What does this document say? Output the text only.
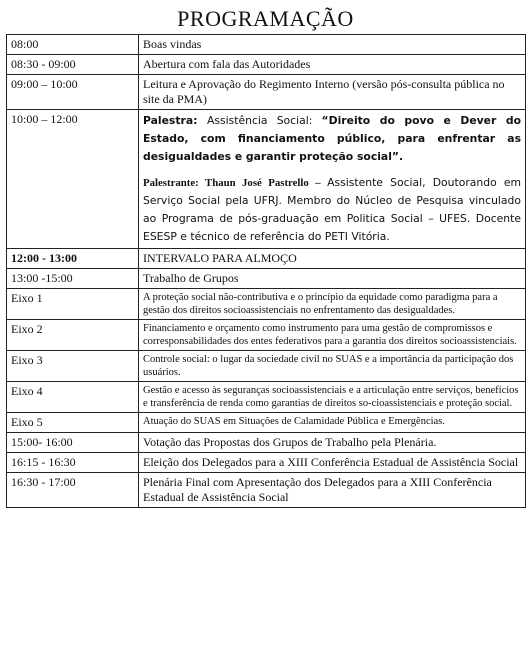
PROGRAMAÇÃO
08:00	Boas vindas
08:30 - 09:00	Abertura com fala das Autoridades
09:00 – 10:00	Leitura e Aprovação do Regimento Interno (versão pós-consulta pública no site da PMA)
10:00 – 12:00	Palestra: Assistência Social: “Direito do povo e Dever do Estado, com financiamento público, para enfrentar as desigualdades e garantir proteção social”.

Palestrante: Thaun José Pastrello – Assistente Social, Doutorando em Serviço Social pela UFRJ. Membro do Núcleo de Pesquisa vinculado ao Programa de pós-graduação em Politica Social – UFES. Docente ESESP e técnico de referência do PETI Vitória.

12:00 - 13:00	INTERVALO PARA ALMOÇO
13:00 -15:00	Trabalho de Grupos
Eixo 1	A proteção social não-contributiva e o princípio da equidade como paradigma para a gestão dos direitos socioassistenciais no enfrentamento das desigualdades.
Eixo 2	Financiamento e orçamento como instrumento para uma gestão de compromissos e corresponsabilidades dos entes federativos para a garantia dos direitos socioassistenciais.
Eixo 3	Controle social: o lugar da sociedade civil no SUAS e a importância da participação dos usuários.
Eixo 4	Gestão e acesso às seguranças socioassistenciais e a articulação entre serviços, benefícios e transferência de renda como garantias de direitos so-cioassistenciais e proteção social.
Eixo 5	Atuação do SUAS em Situações de Calamidade Pública e Emergências.
15:00- 16:00	Votação das Propostas dos Grupos de Trabalho pela Plenária.
16:15 - 16:30	Eleição dos Delegados para a XIII Conferência Estadual de Assistência Social
16:30 - 17:00	Plenária Final com Apresentação dos Delegados para a XIII Conferência Estadual de Assistência Social
